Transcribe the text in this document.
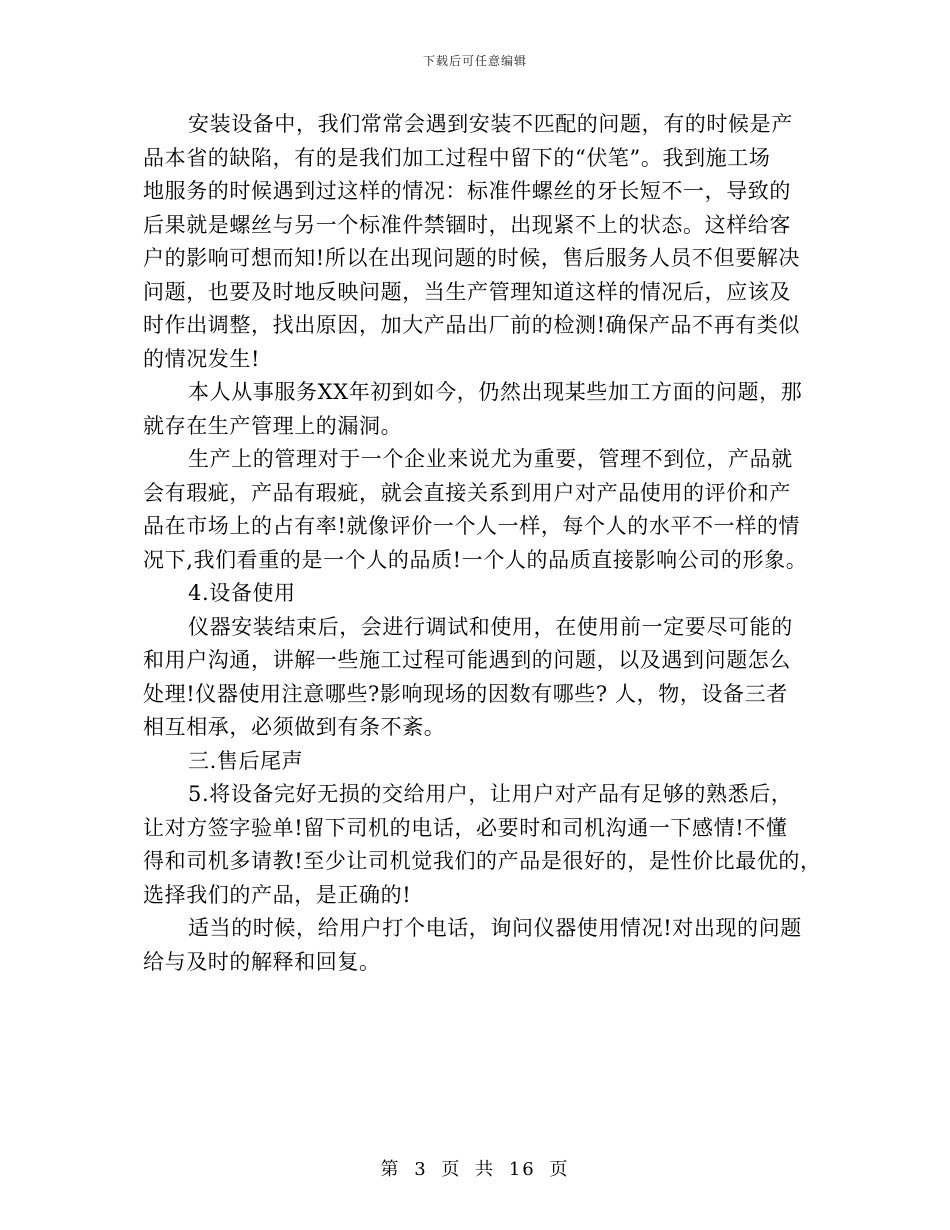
下载后可任意编辑
安装设备中，我们常常会遇到安装不匹配的问题，有的时候是产
品本省的缺陷，有的是我们加工过程中留下的“伏笔”。我到施工场
地服务的时候遇到过这样的情况：标准件螺丝的牙长短不一，导致的
后果就是螺丝与另一个标准件禁锢时，出现紧不上的状态。这样给客
户的影响可想而知!所以在出现问题的时候，售后服务人员不但要解决
问题，也要及时地反映问题，当生产管理知道这样的情况后，应该及
时作出调整，找出原因，加大产品出厂前的检测!确保产品不再有类似
的情况发生!
本人从事服务XX年初到如今，仍然出现某些加工方面的问题，那
就存在生产管理上的漏洞。
生产上的管理对于一个企业来说尤为重要，管理不到位，产品就
会有瑕疵，产品有瑕疵，就会直接关系到用户对产品使用的评价和产
品在市场上的占有率!就像评价一个人一样，每个人的水平不一样的情
况下,我们看重的是一个人的品质!一个人的品质直接影响公司的形象。
4.设备使用
仪器安装结束后，会进行调试和使用，在使用前一定要尽可能的
和用户沟通，讲解一些施工过程可能遇到的问题，以及遇到问题怎么
处理!仪器使用注意哪些?影响现场的因数有哪些? 人，物，设备三者
相互相承，必须做到有条不紊。
三.售后尾声
5.将设备完好无损的交给用户，让用户对产品有足够的熟悉后，
让对方签字验单!留下司机的电话，必要时和司机沟通一下感情!不懂
得和司机多请教!至少让司机觉我们的产品是很好的，是性价比最优的，
选择我们的产品，是正确的!
适当的时候，给用户打个电话，询问仪器使用情况!对出现的问题
给与及时的解释和回复。
第 3 页 共 16 页
